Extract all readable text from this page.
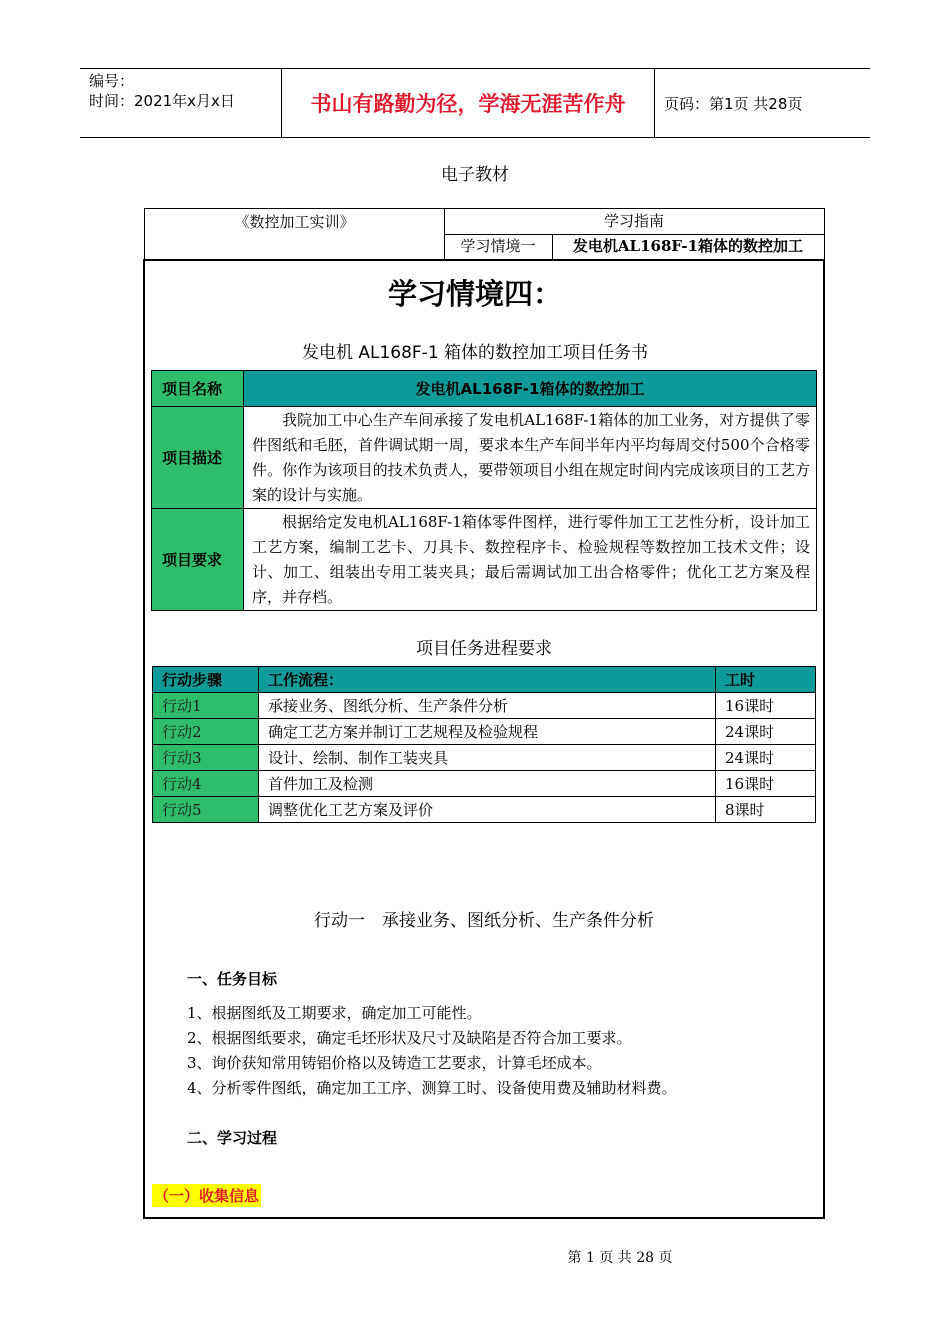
编号：
时间：2021年x月x日	书山有路勤为径，学海无涯苦作舟	页码：第1页 共28页
电子教材
《数控加工实训》	学习指南
学习情境一	发电机AL168F-1箱体的数控加工
学习情境四：
发电机 AL168F-1 箱体的数控加工项目任务书
项目名称	发电机AL168F-1箱体的数控加工
项目描述	我院加工中心生产车间承接了发电机AL168F-1箱体的加工业务，对方提供了零件图纸和毛胚，首件调试期一周，要求本生产车间半年内平均每周交付500个合格零件。你作为该项目的技术负责人，要带领项目小组在规定时间内完成该项目的工艺方案的设计与实施。
项目要求	根据给定发电机AL168F-1箱体零件图样，进行零件加工工艺性分析，设计加工工艺方案，编制工艺卡、刀具卡、数控程序卡、检验规程等数控加工技术文件；设计、加工、组装出专用工装夹具；最后需调试加工出合格零件；优化工艺方案及程序，并存档。
项目任务进程要求
行动步骤	工作流程：	工时
行动1	承接业务、图纸分析、生产条件分析	16课时
行动2	确定工艺方案并制订工艺规程及检验规程	24课时
行动3	设计、绘制、制作工装夹具	24课时
行动4	首件加工及检测	16课时
行动5	调整优化工艺方案及评价	8课时
行动一　承接业务、图纸分析、生产条件分析
一、任务目标
1、根据图纸及工期要求，确定加工可能性。
2、根据图纸要求，确定毛坯形状及尺寸及缺陷是否符合加工要求。
3、询价获知常用铸铝价格以及铸造工艺要求，计算毛坯成本。
4、分析零件图纸，确定加工工序、测算工时、设备使用费及辅助材料费。
二、学习过程
（一）收集信息
第 1 页 共 28 页
